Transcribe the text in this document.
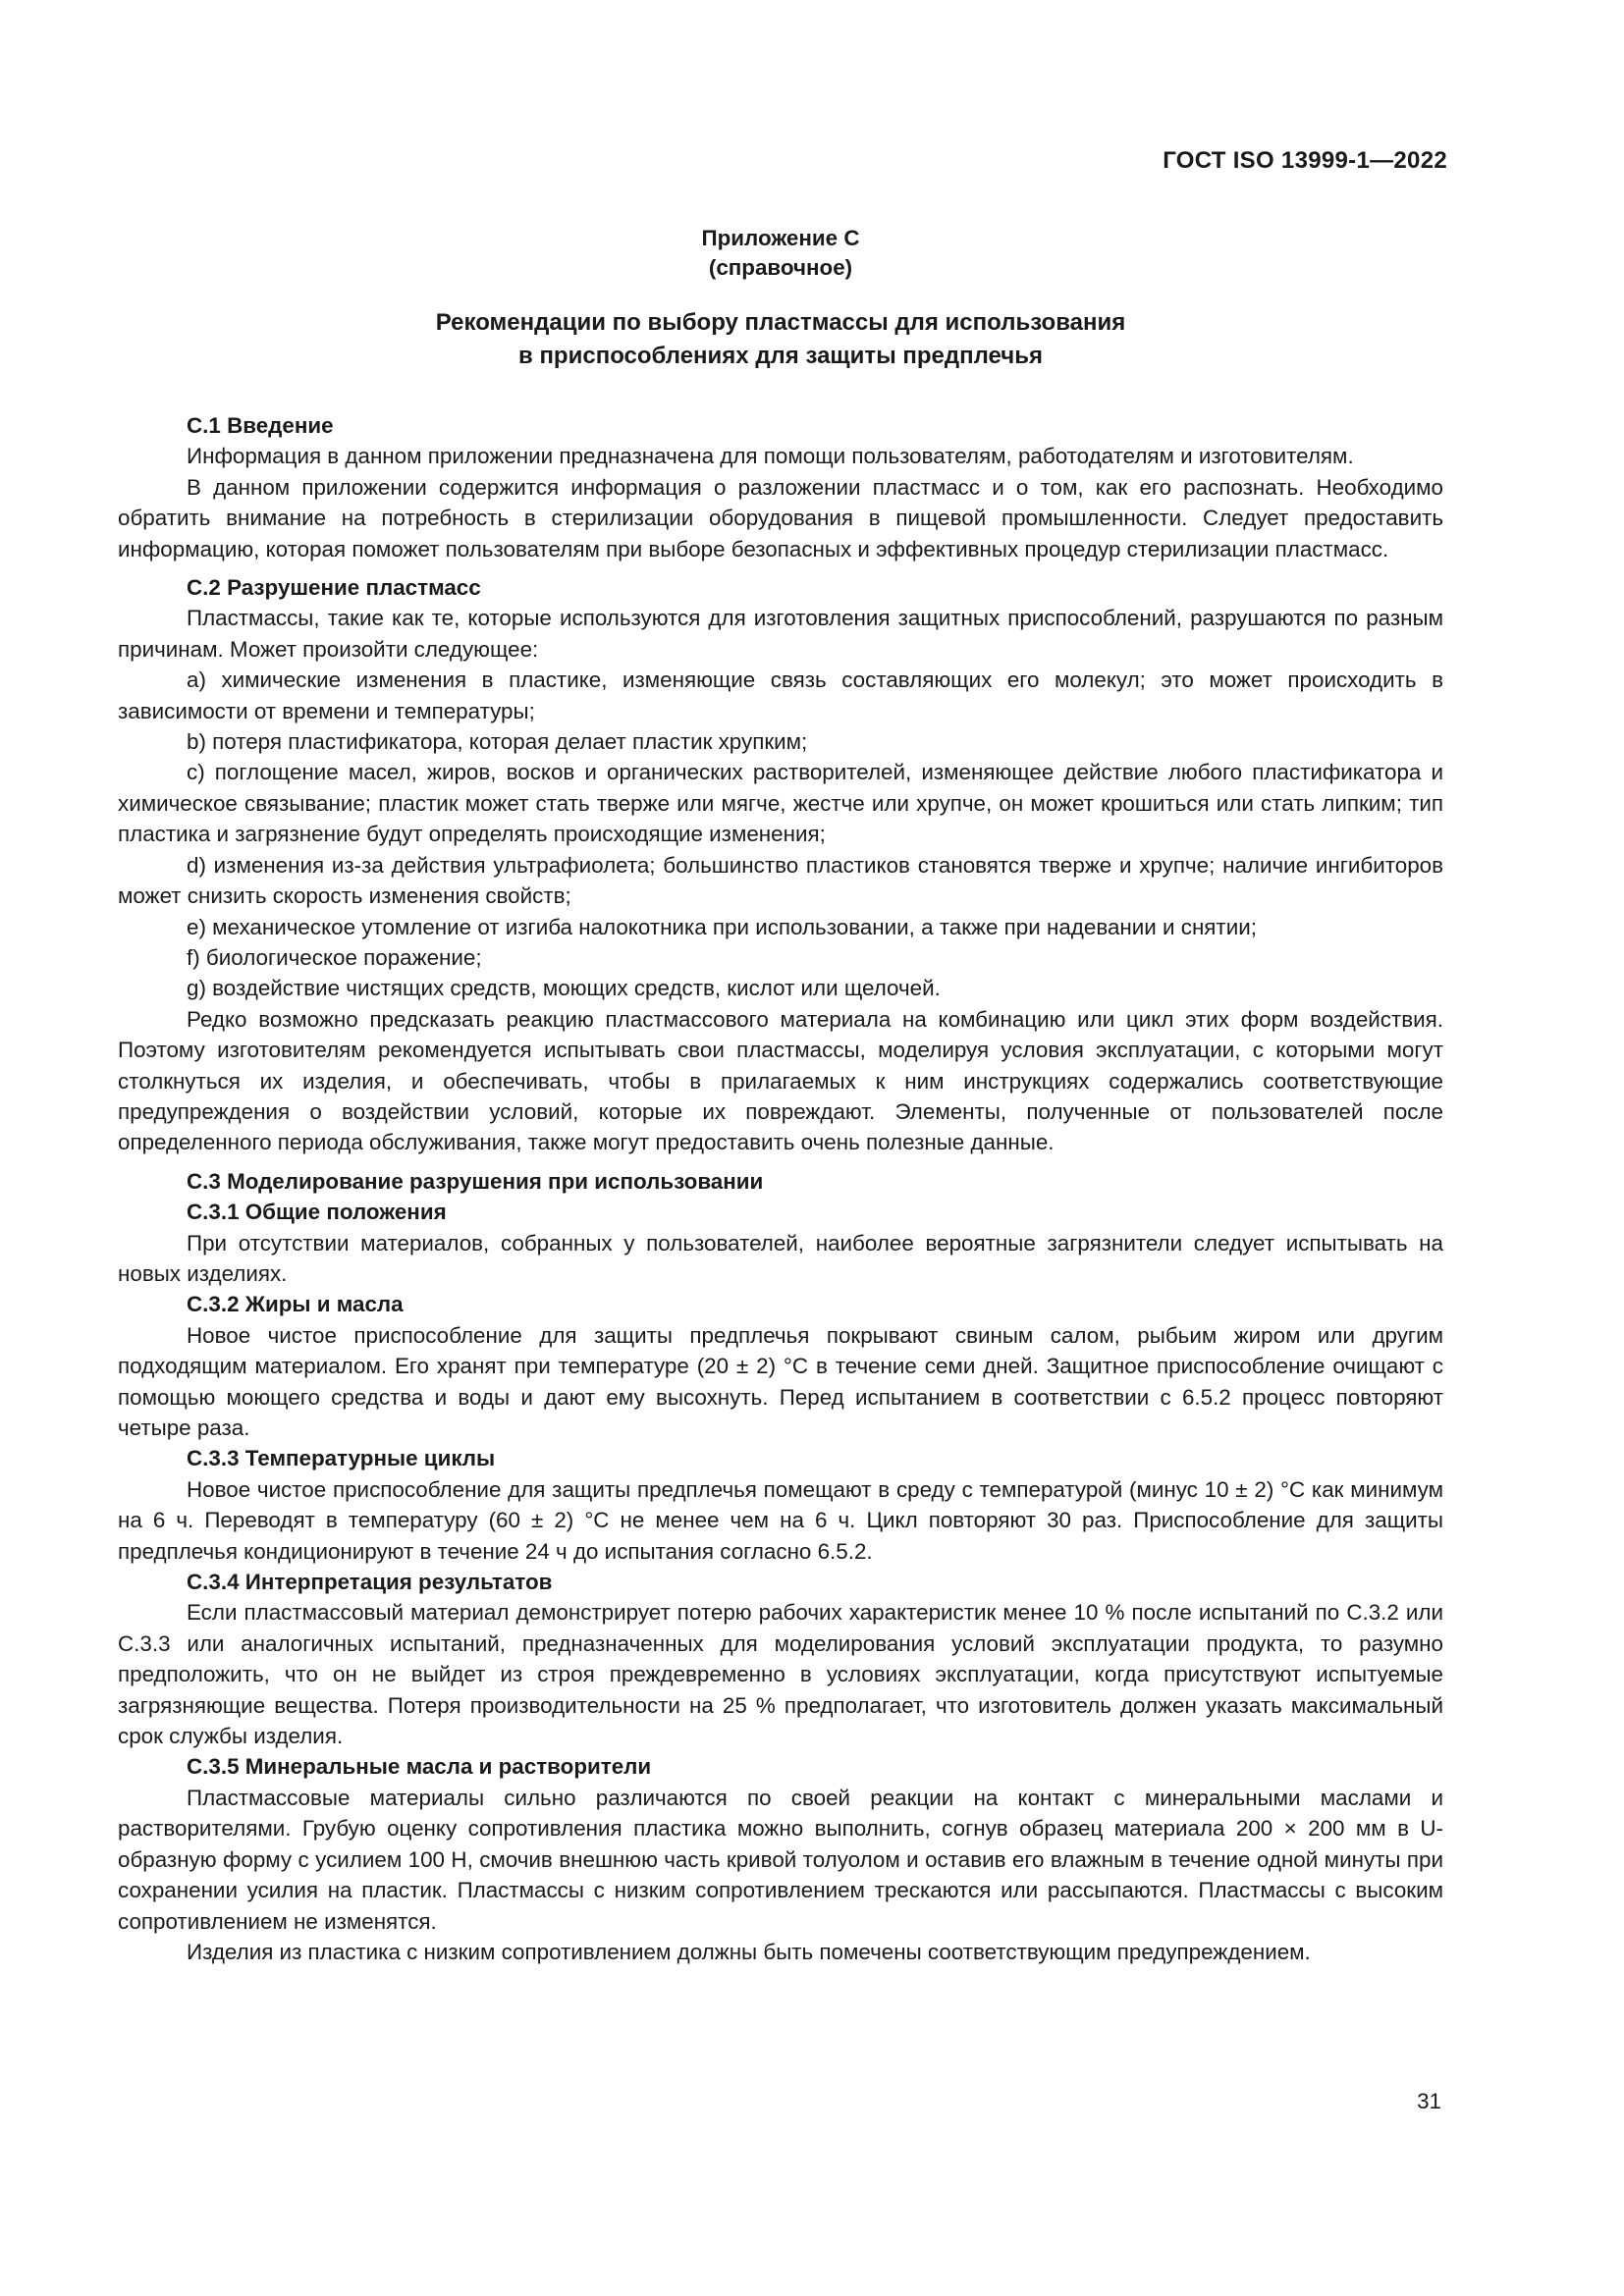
ГОСТ ISO 13999-1—2022

Приложение С

(справочное)

Рекомендации по выбору пластмассы для использования
в приспособлениях для защиты предплечья

С.1 Введение

Информация в данном приложении предназначена для помощи пользователям, работодателям и изготовителям.

В данном приложении содержится информация о разложении пластмасс и о том, как его распознать. Необходимо обратить внимание на потребность в стерилизации оборудования в пищевой промышленности. Следует предоставить информацию, которая поможет пользователям при выборе безопасных и эффективных процедур стерилизации пластмасс.

С.2 Разрушение пластмасс

Пластмассы, такие как те, которые используются для изготовления защитных приспособлений, разрушаются по разным причинам. Может произойти следующее:

a) химические изменения в пластике, изменяющие связь составляющих его молекул; это может происходить в зависимости от времени и температуры;

b) потеря пластификатора, которая делает пластик хрупким;

c) поглощение масел, жиров, восков и органических растворителей, изменяющее действие любого пластификатора и химическое связывание; пластик может стать тверже или мягче, жестче или хрупче, он может крошиться или стать липким; тип пластика и загрязнение будут определять происходящие изменения;

d) изменения из-за действия ультрафиолета; большинство пластиков становятся тверже и хрупче; наличие ингибиторов может снизить скорость изменения свойств;

e) механическое утомление от изгиба налокотника при использовании, а также при надевании и снятии;

f) биологическое поражение;

g) воздействие чистящих средств, моющих средств, кислот или щелочей.

Редко возможно предсказать реакцию пластмассового материала на комбинацию или цикл этих форм воздействия. Поэтому изготовителям рекомендуется испытывать свои пластмассы, моделируя условия эксплуатации, с которыми могут столкнуться их изделия, и обеспечивать, чтобы в прилагаемых к ним инструкциях содержались соответствующие предупреждения о воздействии условий, которые их повреждают. Элементы, полученные от пользователей после определенного периода обслуживания, также могут предоставить очень полезные данные.

С.3 Моделирование разрушения при использовании

С.3.1 Общие положения

При отсутствии материалов, собранных у пользователей, наиболее вероятные загрязнители следует испытывать на новых изделиях.

С.3.2 Жиры и масла

Новое чистое приспособление для защиты предплечья покрывают свиным салом, рыбьим жиром или другим подходящим материалом. Его хранят при температуре (20 ± 2) °С в течение семи дней. Защитное приспособление очищают с помощью моющего средства и воды и дают ему высохнуть. Перед испытанием в соответствии с 6.5.2 процесс повторяют четыре раза.

С.3.3 Температурные циклы

Новое чистое приспособление для защиты предплечья помещают в среду с температурой (минус 10 ± 2) °С как минимум на 6 ч. Переводят в температуру (60 ± 2) °С не менее чем на 6 ч. Цикл повторяют 30 раз. Приспособление для защиты предплечья кондиционируют в течение 24 ч до испытания согласно 6.5.2.

С.3.4 Интерпретация результатов

Если пластмассовый материал демонстрирует потерю рабочих характеристик менее 10 % после испытаний по С.3.2 или С.3.3 или аналогичных испытаний, предназначенных для моделирования условий эксплуатации продукта, то разумно предположить, что он не выйдет из строя преждевременно в условиях эксплуатации, когда присутствуют испытуемые загрязняющие вещества. Потеря производительности на 25 % предполагает, что изготовитель должен указать максимальный срок службы изделия.

С.3.5 Минеральные масла и растворители

Пластмассовые материалы сильно различаются по своей реакции на контакт с минеральными маслами и растворителями. Грубую оценку сопротивления пластика можно выполнить, согнув образец материала 200 × 200 мм в U-образную форму с усилием 100 Н, смочив внешнюю часть кривой толуолом и оставив его влажным в течение одной минуты при сохранении усилия на пластик. Пластмассы с низким сопротивлением трескаются или рассыпаются. Пластмассы с высоким сопротивлением не изменятся.

Изделия из пластика с низким сопротивлением должны быть помечены соответствующим предупреждением.

31
